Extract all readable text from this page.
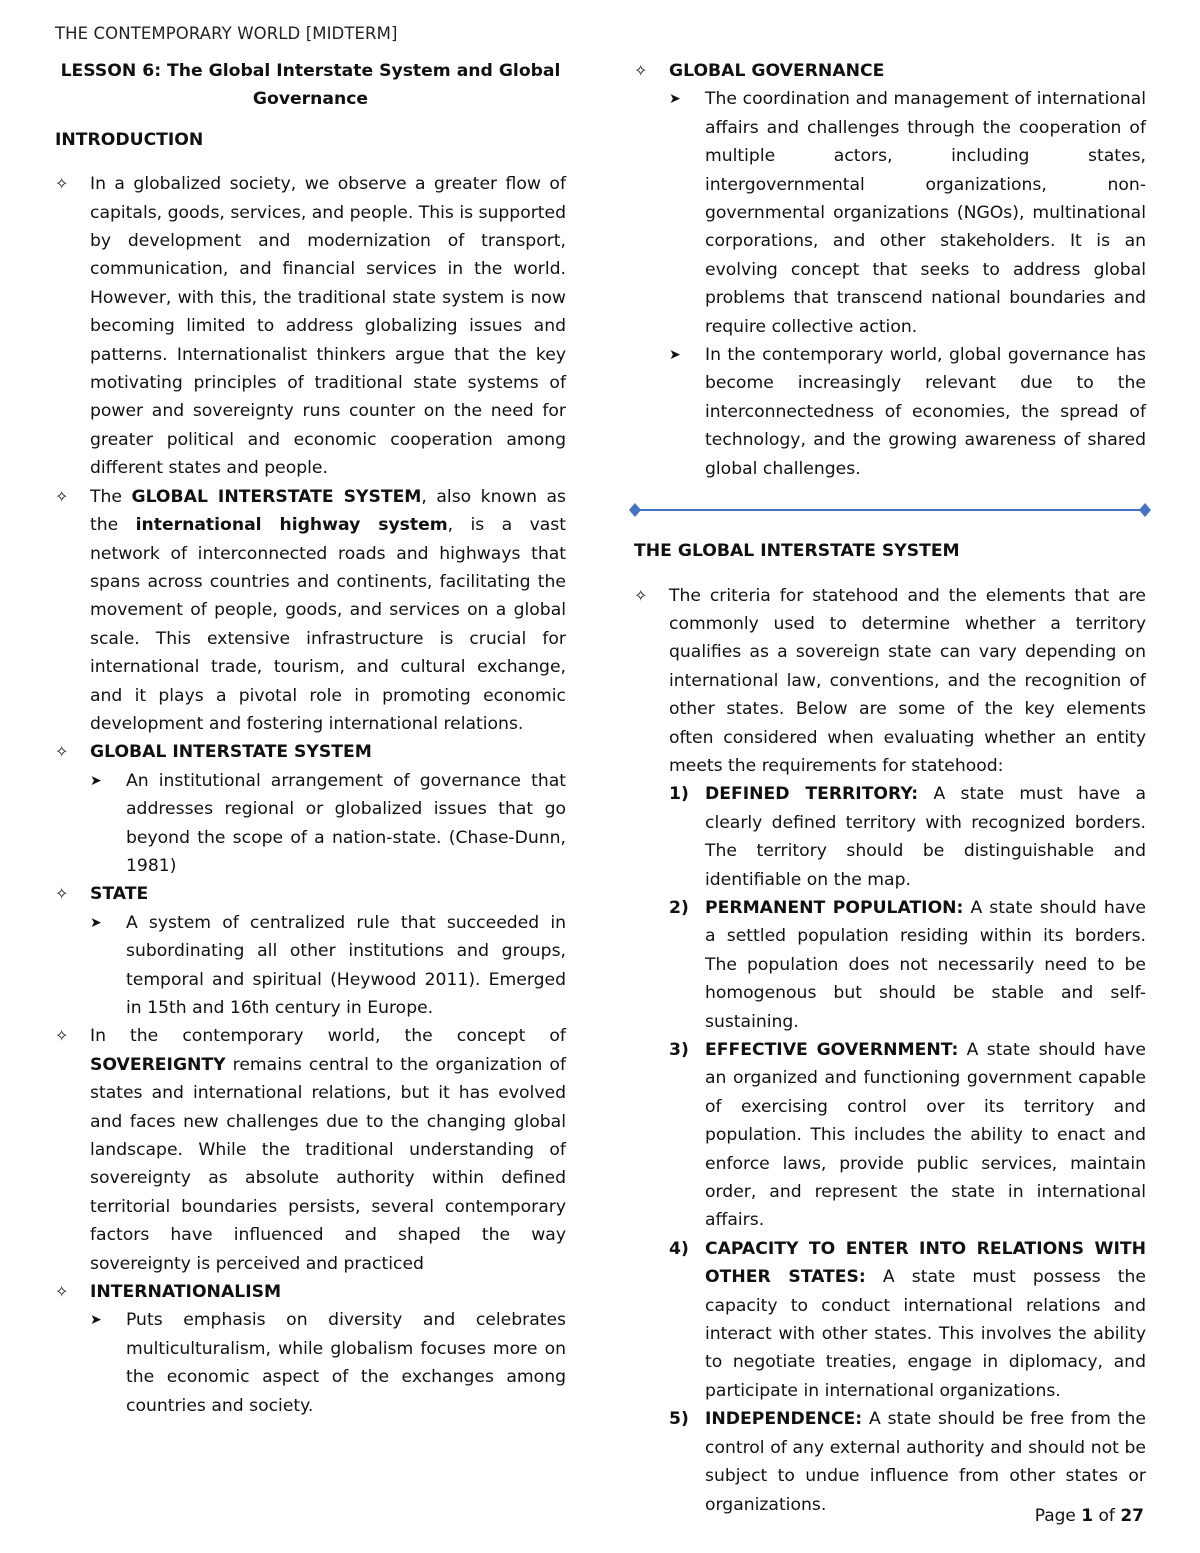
THE CONTEMPORARY WORLD [MIDTERM]
LESSON 6: The Global Interstate System and Global Governance
INTRODUCTION
✧	In a globalized society, we observe a greater flow of capitals, goods, services, and people. This is supported by development and modernization of transport, communication, and financial services in the world. However, with this, the traditional state system is now becoming limited to address globalizing issues and patterns. Internationalist thinkers argue that the key motivating principles of traditional state systems of power and sovereignty runs counter on the need for greater political and economic cooperation among different states and people.
✧	The GLOBAL INTERSTATE SYSTEM, also known as the international highway system, is a vast network of interconnected roads and highways that spans across countries and continents, facilitating the movement of people, goods, and services on a global scale. This extensive infrastructure is crucial for international trade, tourism, and cultural exchange, and it plays a pivotal role in promoting economic development and fostering international relations.
✧	GLOBAL INTERSTATE SYSTEM
➤	An institutional arrangement of governance that addresses regional or globalized issues that go beyond the scope of a nation-state. (Chase-Dunn, 1981)
✧	STATE
➤	A system of centralized rule that succeeded in subordinating all other institutions and groups, temporal and spiritual (Heywood 2011). Emerged in 15th and 16th century in Europe.
✧	In the contemporary world, the concept of SOVEREIGNTY remains central to the organization of states and international relations, but it has evolved and faces new challenges due to the changing global landscape. While the traditional understanding of sovereignty as absolute authority within defined territorial boundaries persists, several contemporary factors have influenced and shaped the way sovereignty is perceived and practiced
✧	INTERNATIONALISM
➤	Puts emphasis on diversity and celebrates multiculturalism, while globalism focuses more on the economic aspect of the exchanges among countries and society.
✧	GLOBAL GOVERNANCE
➤	The coordination and management of international affairs and challenges through the cooperation of multiple actors, including states, intergovernmental organizations, non-governmental organizations (NGOs), multinational corporations, and other stakeholders. It is an evolving concept that seeks to address global problems that transcend national boundaries and require collective action.
➤	In the contemporary world, global governance has become increasingly relevant due to the interconnectedness of economies, the spread of technology, and the growing awareness of shared global challenges.
THE GLOBAL INTERSTATE SYSTEM
✧	The criteria for statehood and the elements that are commonly used to determine whether a territory qualifies as a sovereign state can vary depending on international law, conventions, and the recognition of other states. Below are some of the key elements often considered when evaluating whether an entity meets the requirements for statehood:
1) DEFINED TERRITORY: A state must have a clearly defined territory with recognized borders. The territory should be distinguishable and identifiable on the map.
2) PERMANENT POPULATION: A state should have a settled population residing within its borders. The population does not necessarily need to be homogenous but should be stable and self-sustaining.
3) EFFECTIVE GOVERNMENT: A state should have an organized and functioning government capable of exercising control over its territory and population. This includes the ability to enact and enforce laws, provide public services, maintain order, and represent the state in international affairs.
4) CAPACITY TO ENTER INTO RELATIONS WITH OTHER STATES: A state must possess the capacity to conduct international relations and interact with other states. This involves the ability to negotiate treaties, engage in diplomacy, and participate in international organizations.
5) INDEPENDENCE: A state should be free from the control of any external authority and should not be subject to undue influence from other states or organizations.
Page 1 of 27
